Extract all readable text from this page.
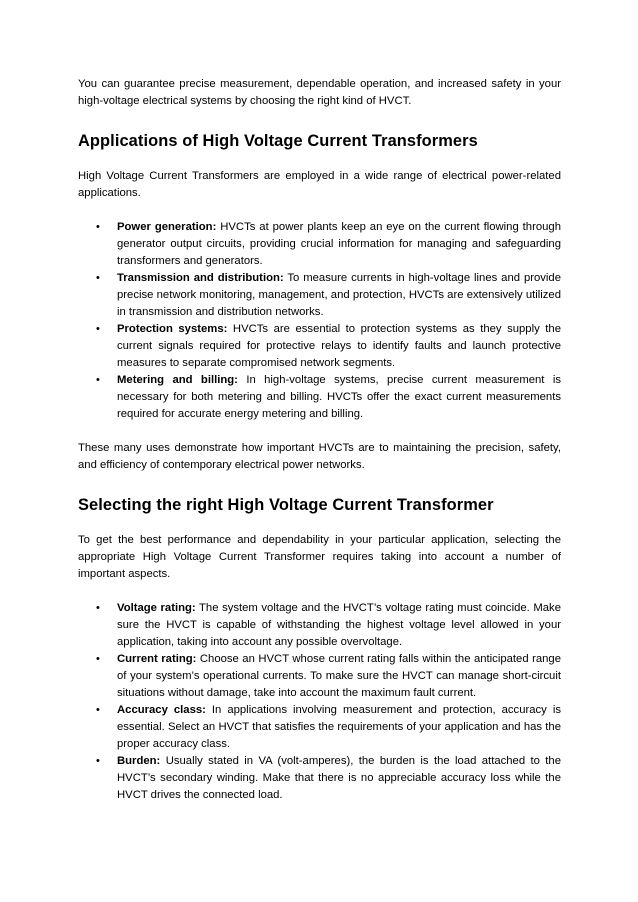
You can guarantee precise measurement, dependable operation, and increased safety in your high-voltage electrical systems by choosing the right kind of HVCT.

Applications of High Voltage Current Transformers

High Voltage Current Transformers are employed in a wide range of electrical power-related applications.

• Power generation: HVCTs at power plants keep an eye on the current flowing through generator output circuits, providing crucial information for managing and safeguarding transformers and generators.
• Transmission and distribution: To measure currents in high-voltage lines and provide precise network monitoring, management, and protection, HVCTs are extensively utilized in transmission and distribution networks.
• Protection systems: HVCTs are essential to protection systems as they supply the current signals required for protective relays to identify faults and launch protective measures to separate compromised network segments.
• Metering and billing: In high-voltage systems, precise current measurement is necessary for both metering and billing. HVCTs offer the exact current measurements required for accurate energy metering and billing.

These many uses demonstrate how important HVCTs are to maintaining the precision, safety, and efficiency of contemporary electrical power networks.

Selecting the right High Voltage Current Transformer

To get the best performance and dependability in your particular application, selecting the appropriate High Voltage Current Transformer requires taking into account a number of important aspects.

• Voltage rating: The system voltage and the HVCT’s voltage rating must coincide. Make sure the HVCT is capable of withstanding the highest voltage level allowed in your application, taking into account any possible overvoltage.
• Current rating: Choose an HVCT whose current rating falls within the anticipated range of your system’s operational currents. To make sure the HVCT can manage short-circuit situations without damage, take into account the maximum fault current.
• Accuracy class: In applications involving measurement and protection, accuracy is essential. Select an HVCT that satisfies the requirements of your application and has the proper accuracy class.
• Burden: Usually stated in VA (volt-amperes), the burden is the load attached to the HVCT’s secondary winding. Make that there is no appreciable accuracy loss while the HVCT drives the connected load.
